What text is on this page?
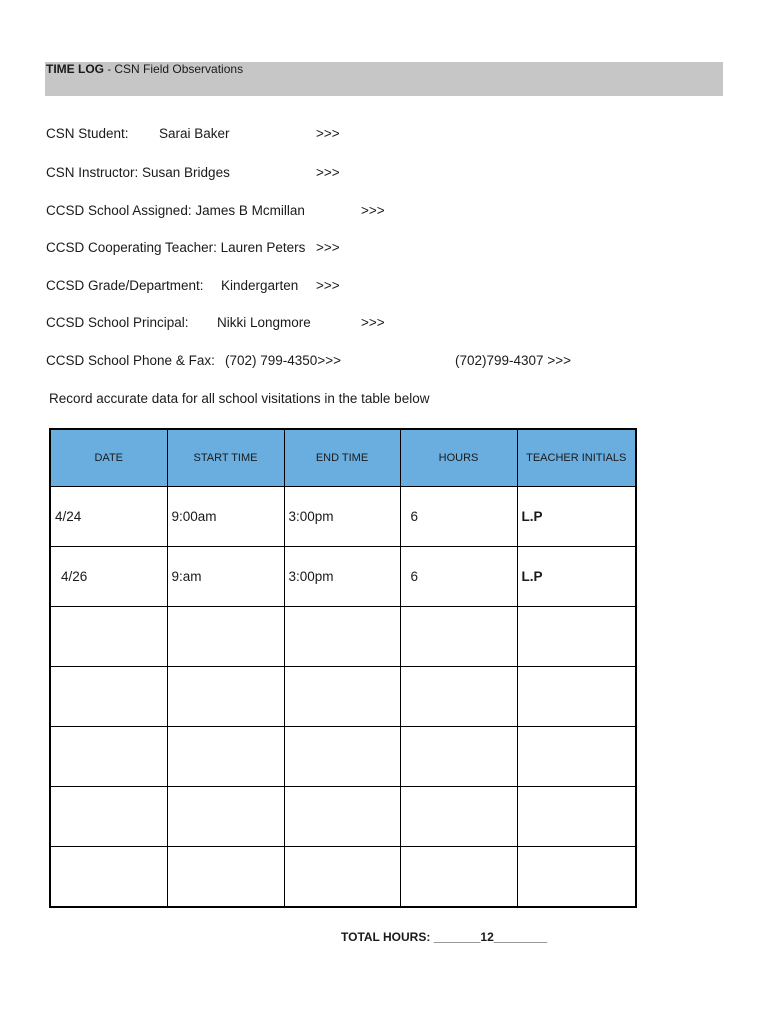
TIME LOG - CSN Field Observations
CSN Student: Sarai Baker	>>>
CSN Instructor: Susan Bridges	>>>
CCSD School Assigned: James B Mcmillan	>>>
CCSD Cooperating Teacher: Lauren Peters >>>
CCSD Grade/Department: Kindergarten >>>
CCSD School Principal: Nikki Longmore	>>>
CCSD School Phone & Fax: (702) 799-4350>>>	(702)799-4307 >>>
Record accurate data for all school visitations in the table below
DATE	START TIME	END TIME	HOURS	TEACHER INITIALS
4/24	9:00am	3:00pm	6	L.P
4/26	9:am	3:00pm	6	L.P

TOTAL HOURS: _______12________
